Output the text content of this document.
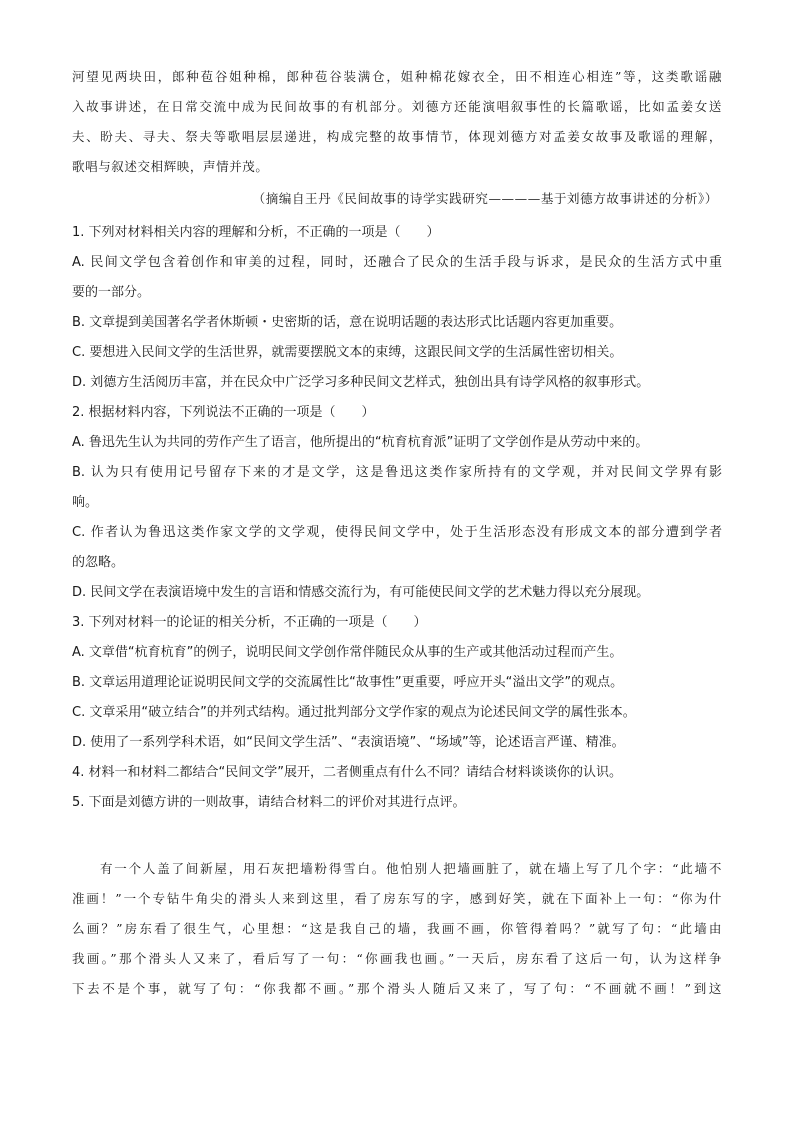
河望见两块田，郎种苞谷姐种棉，郎种苞谷装满仓，姐种棉花嫁衣全，田不相连心相连”等，这类歌谣融
入故事讲述，在日常交流中成为民间故事的有机部分。刘德方还能演唱叙事性的长篇歌谣，比如孟姜女送
夫、盼夫、寻夫、祭夫等歌唱层层递进，构成完整的故事情节，体现刘德方对孟姜女故事及歌谣的理解，
歌唱与叙述交相辉映，声情并茂。
（摘编自王丹《民间故事的诗学实践研究————基于刘德方故事讲述的分析》）
1. 下列对材料相关内容的理解和分析，不正确的一项是（　　）
A. 民间文学包含着创作和审美的过程，同时，还融合了民众的生活手段与诉求，是民众的生活方式中重
要的一部分。
B. 文章提到美国著名学者休斯顿・史密斯的话，意在说明话题的表达形式比话题内容更加重要。
C. 要想进入民间文学的生活世界，就需要摆脱文本的束缚，这跟民间文学的生活属性密切相关。
D. 刘德方生活阅历丰富，并在民众中广泛学习多种民间文艺样式，独创出具有诗学风格的叙事形式。
2. 根据材料内容，下列说法不正确的一项是（　　）
A. 鲁迅先生认为共同的劳作产生了语言，他所提出的“杭育杭育派”证明了文学创作是从劳动中来的。
B. 认为只有使用记号留存下来的才是文学，这是鲁迅这类作家所持有的文学观，并对民间文学界有影
响。
C. 作者认为鲁迅这类作家文学的文学观，使得民间文学中，处于生活形态没有形成文本的部分遭到学者
的忽略。
D. 民间文学在表演语境中发生的言语和情感交流行为，有可能使民间文学的艺术魅力得以充分展现。
3. 下列对材料一的论证的相关分析，不正确的一项是（　　）
A. 文章借“杭育杭育”的例子，说明民间文学创作常伴随民众从事的生产或其他活动过程而产生。
B. 文章运用道理论证说明民间文学的交流属性比“故事性”更重要，呼应开头“溢出文学”的观点。
C. 文章采用“破立结合”的并列式结构。通过批判部分文学作家的观点为论述民间文学的属性张本。
D. 使用了一系列学科术语，如“民间文学生活”、“表演语境”、“场域”等，论述语言严谨、精准。
4. 材料一和材料二都结合“民间文学”展开，二者侧重点有什么不同？请结合材料谈谈你的认识。
5. 下面是刘德方讲的一则故事，请结合材料二的评价对其进行点评。
有一个人盖了间新屋，用石灰把墙粉得雪白。他怕别人把墙画脏了，就在墙上写了几个字：“此墙不
准画！”一个专钻牛角尖的滑头人来到这里，看了房东写的字，感到好笑，就在下面补上一句：“你为什
么画？”房东看了很生气，心里想：“这是我自己的墙，我画不画，你管得着吗？”就写了句：“此墙由
我画。”那个滑头人又来了，看后写了一句：“你画我也画。”一天后，房东看了这后一句，认为这样争
下去不是个事，就写了句：“你我都不画。”那个滑头人随后又来了，写了句：“不画就不画！”到这
